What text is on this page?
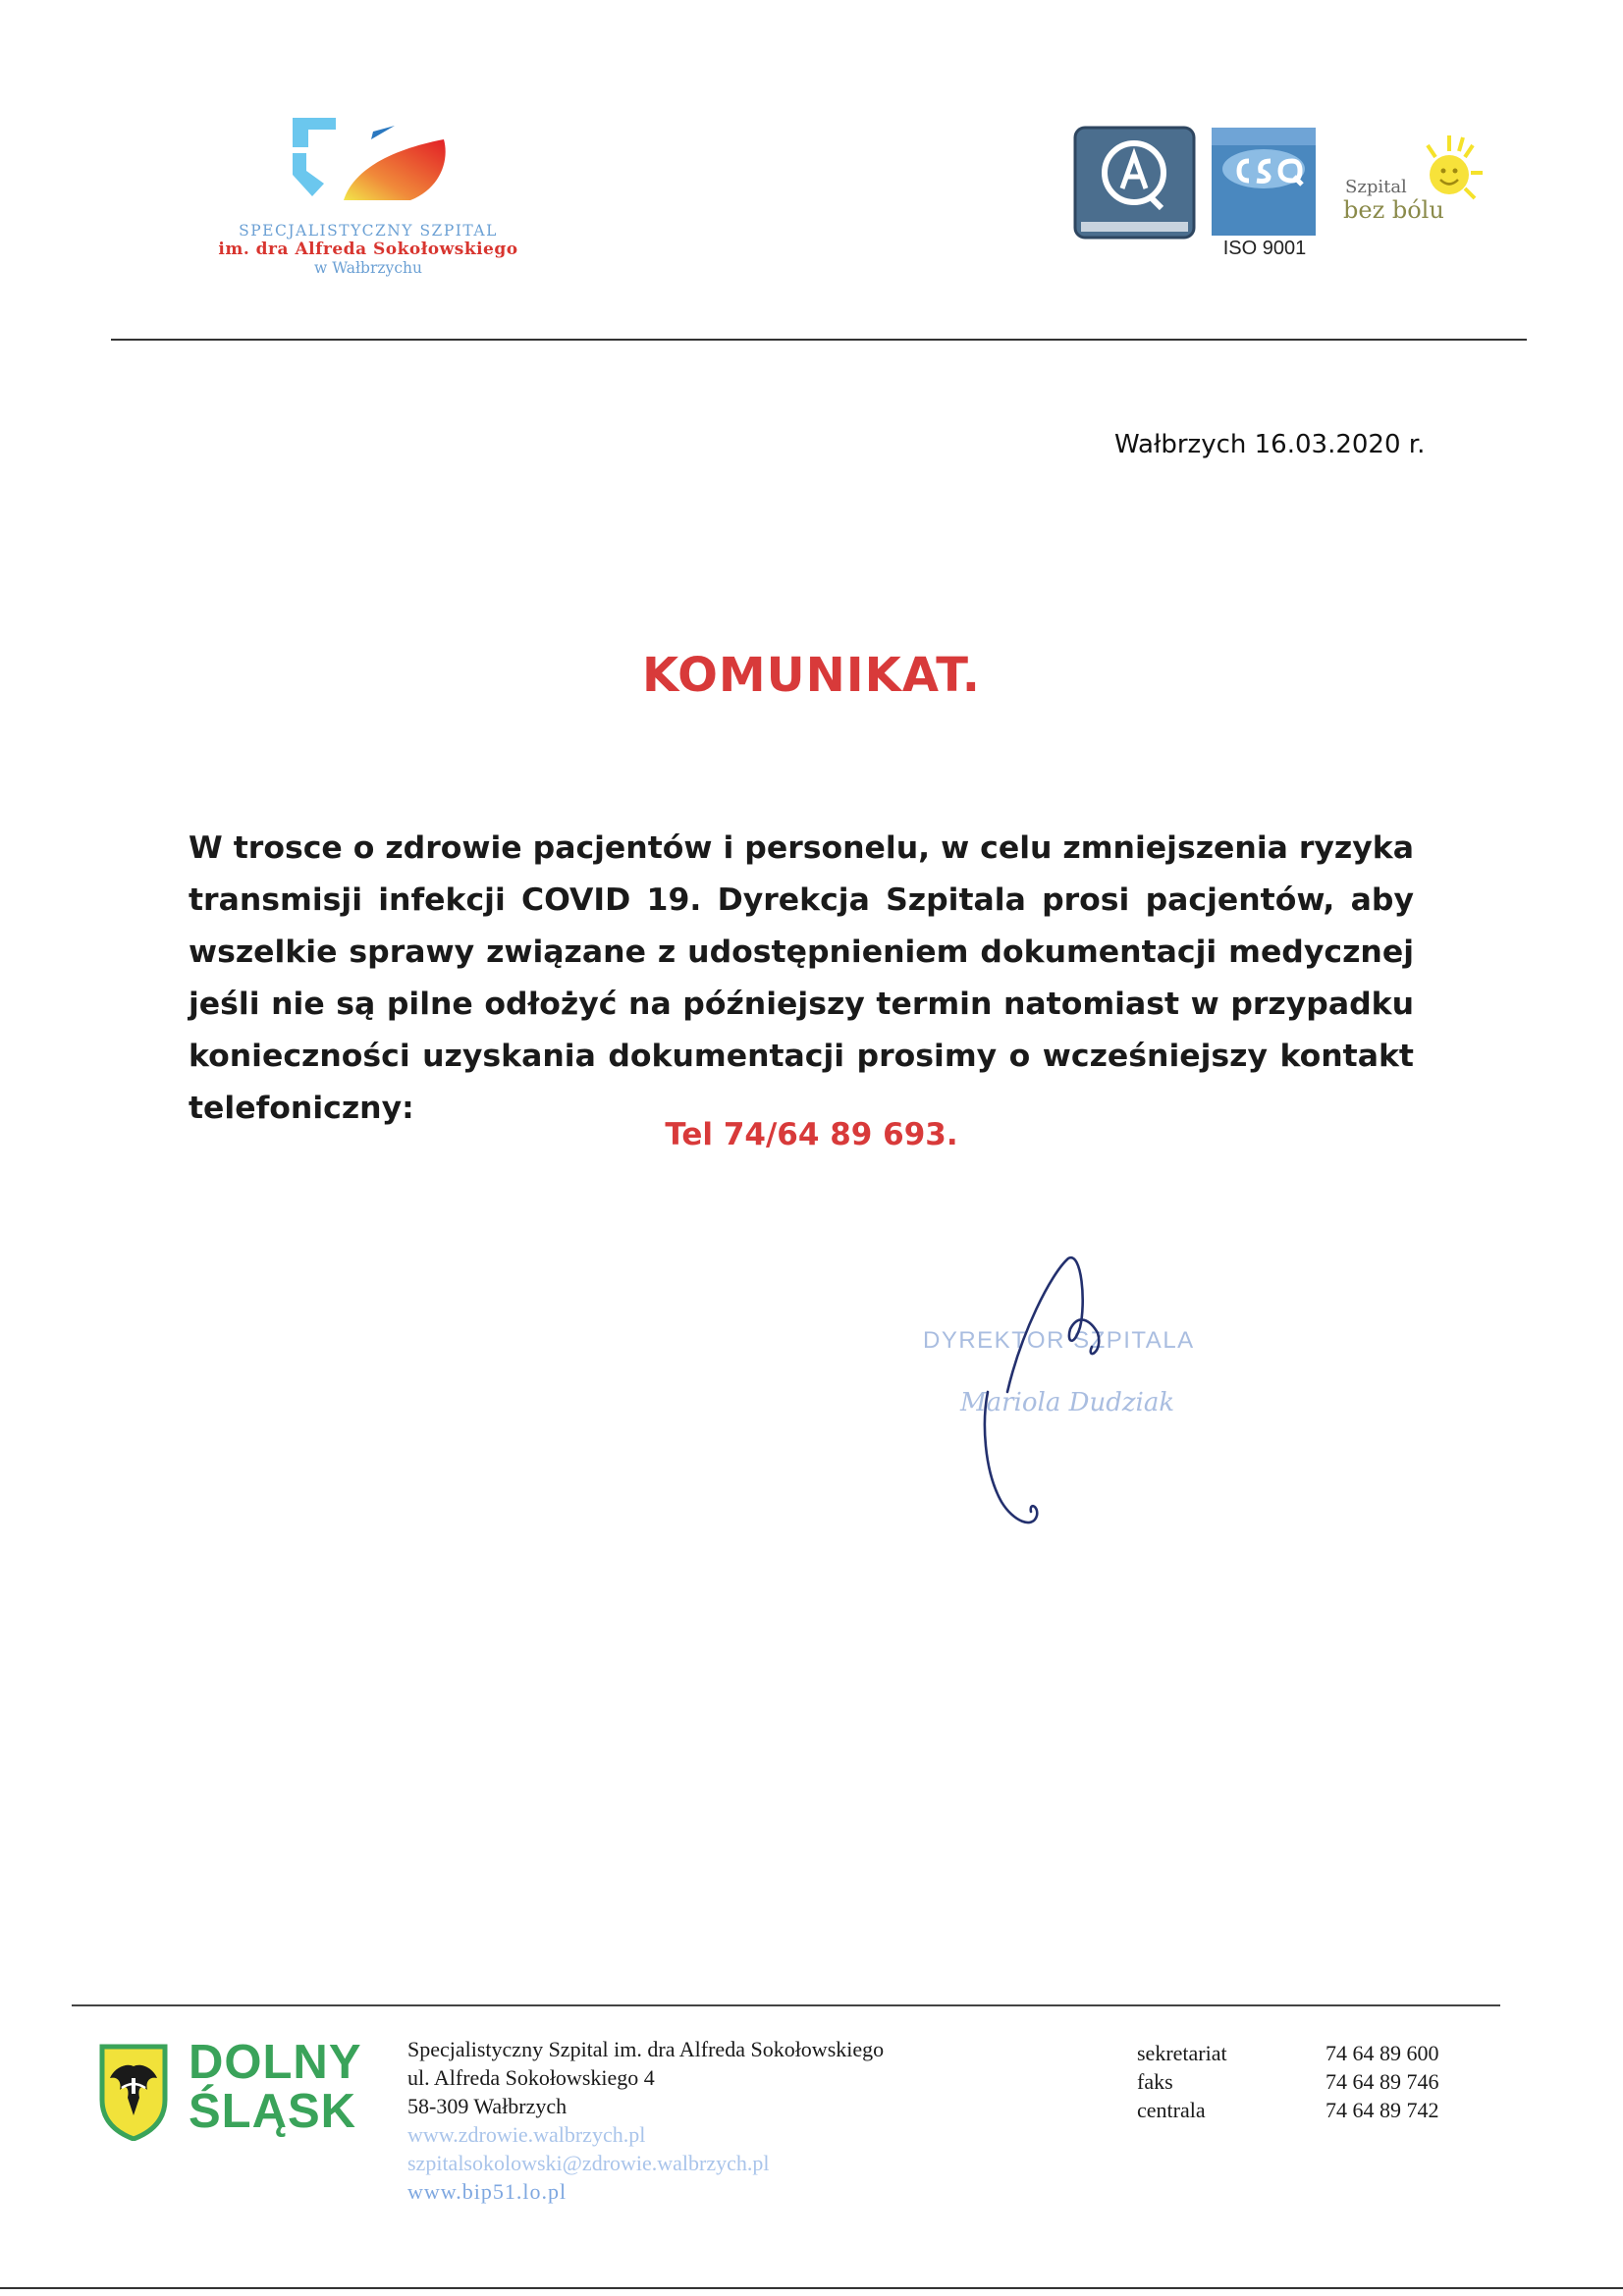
SPECJALISTYCZNY SZPITAL
im. dra Alfreda Sokołowskiego
w Wałbrzychu
ISO 9001
Szpital
bez bólu
Wałbrzych 16.03.2020 r.
KOMUNIKAT.
W trosce o zdrowie pacjentów i personelu, w celu zmniejszenia ryzyka transmisji infekcji COVID 19. Dyrekcja Szpitala prosi pacjentów, aby wszelkie sprawy związane z udostępnieniem dokumentacji medycznej jeśli nie są pilne odłożyć na późniejszy termin natomiast w przypadku konieczności uzyskania dokumentacji prosimy o wcześniejszy kontakt telefoniczny:
Tel 74/64 89 693.
DYREKTOR SZPITALA
Mariola Dudziak
DOLNY
ŚLĄSK
Specjalistyczny Szpital im. dra Alfreda Sokołowskiego
ul. Alfreda Sokołowskiego 4
58-309 Wałbrzych
www.zdrowie.walbrzych.pl
szpitalsokolowski@zdrowie.walbrzych.pl
www.bip51.lo.pl
sekretariat	74 64 89 600
faks	74 64 89 746
centrala	74 64 89 742
